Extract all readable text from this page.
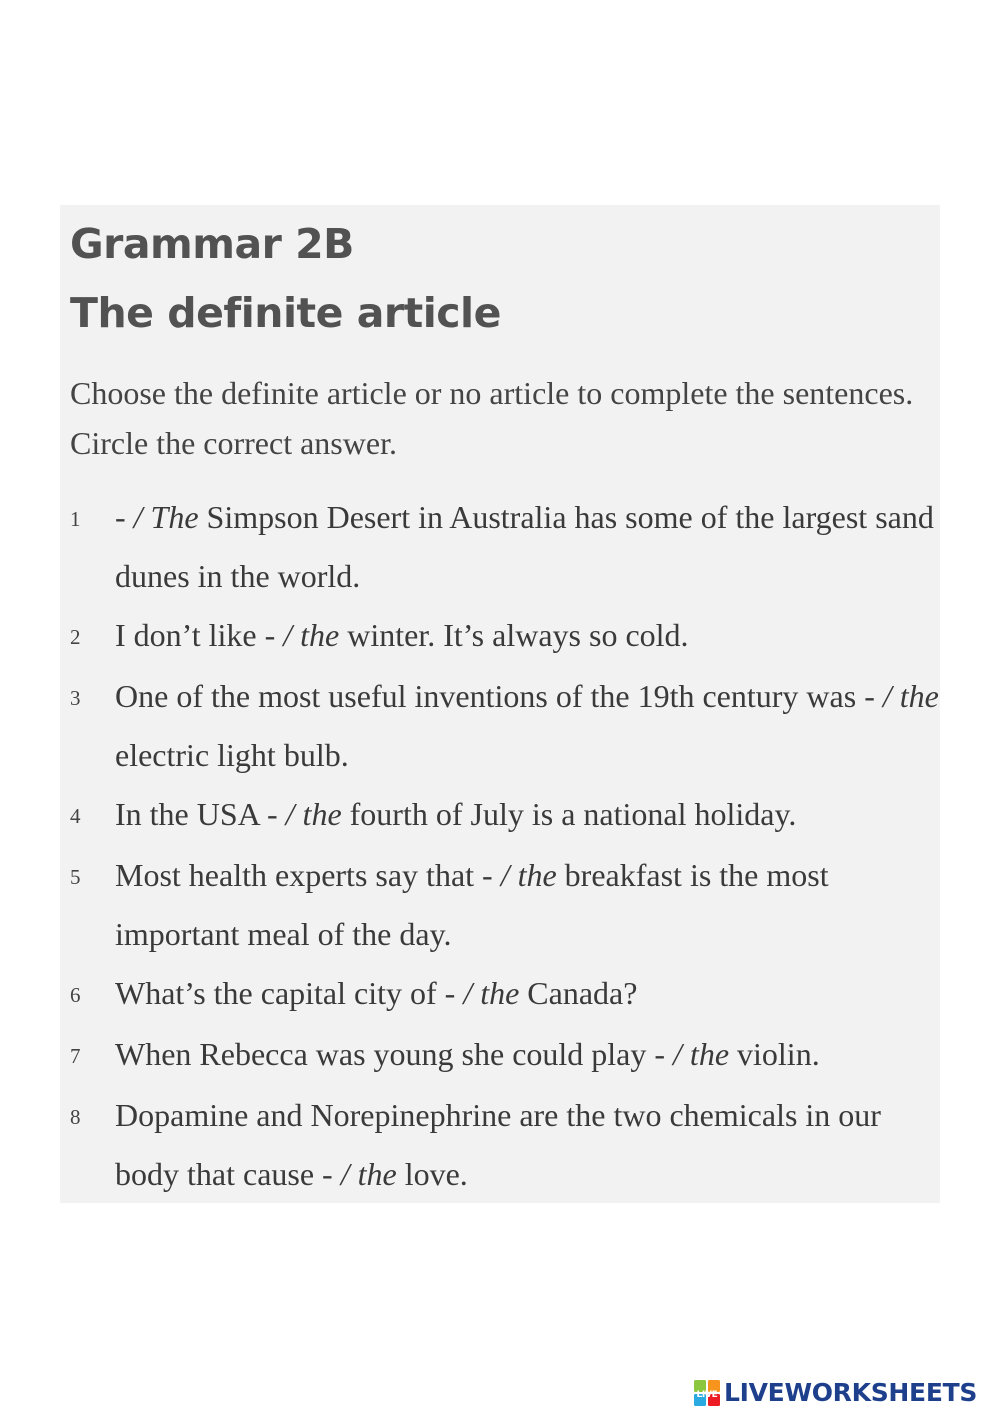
Grammar 2B
The definite article
Choose the definite article or no article to complete the sentences. Circle the correct answer.
1	- / The Simpson Desert in Australia has some of the largest sand dunes in the world.
2	I don’t like - / the winter. It’s always so cold.
3	One of the most useful inventions of the 19th century was - / the electric light bulb.
4	In the USA - / the fourth of July is a national holiday.
5	Most health experts say that - / the breakfast is the most important meal of the day.
6	What’s the capital city of - / the Canada?
7	When Rebecca was young she could play - / the violin.
8	Dopamine and Norepinephrine are the two chemicals in our body that cause - / the love.
LIVE LIVEWORKSHEETS
